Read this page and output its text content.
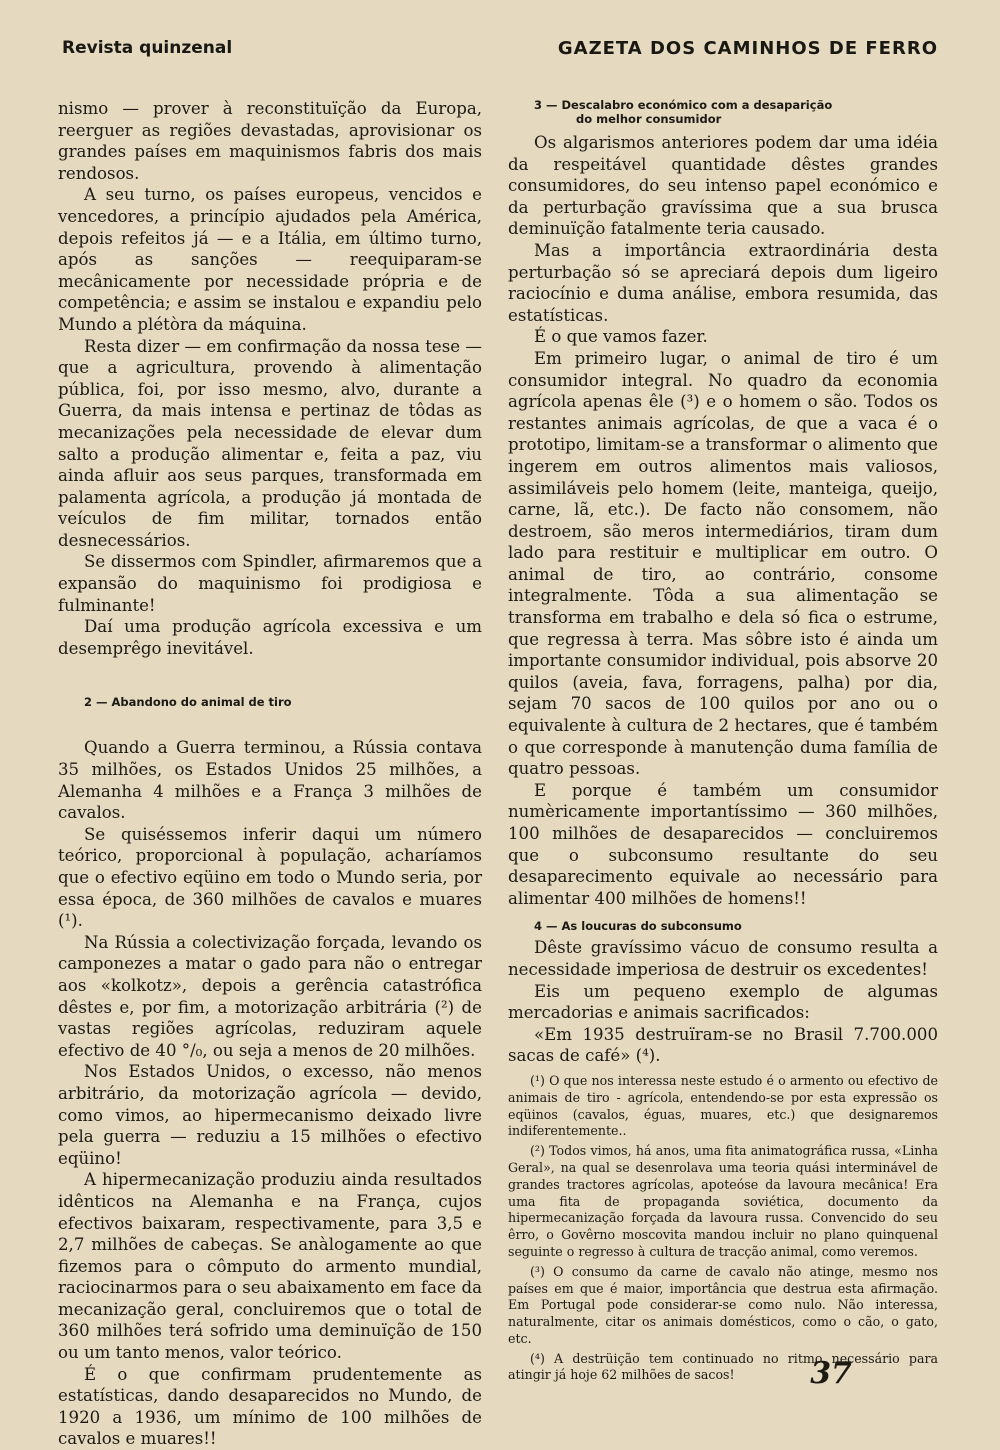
Revista quinzenal	GAZETA DOS CAMINHOS DE FERRO

nismo — prover à reconstituïção da Europa, reerguer as regiões devastadas, aprovisionar os grandes países em maquinismos fabris dos mais rendosos.

A seu turno, os países europeus, vencidos e vencedores, a princípio ajudados pela América, depois refeitos já — e a Itália, em último turno, após as sanções — reequiparam-se mecânicamente por necessidade própria e de competência; e assim se instalou e expandiu pelo Mundo a plétòra da máquina.

Resta dizer — em confirmação da nossa tese — que a agricultura, provendo à alimentação pública, foi, por isso mesmo, alvo, durante a Guerra, da mais intensa e pertinaz de tôdas as mecanizações pela necessidade de elevar dum salto a produção alimentar e, feita a paz, viu ainda afluir aos seus parques, transformada em palamenta agrícola, a produção já montada de veículos de fim militar, tornados então desnecessários.

Se dissermos com Spindler, afirmaremos que a expansão do maquinismo foi prodigiosa e fulminante!

Daí uma produção agrícola excessiva e um desemprêgo inevitável.

2 — Abandono do animal de tiro

Quando a Guerra terminou, a Rússia contava 35 milhões, os Estados Unidos 25 milhões, a Alemanha 4 milhões e a França 3 milhões de cavalos.

Se quiséssemos inferir daqui um número teórico, proporcional à população, acharíamos que o efectivo eqüino em todo o Mundo seria, por essa época, de 360 milhões de cavalos e muares (¹).

Na Rússia a colectivização forçada, levando os camponezes a matar o gado para não o entregar aos «kolkotz», depois a gerência catastrófica dêstes e, por fim, a motorização arbitrária (²) de vastas regiões agrícolas, reduziram aquele efectivo de 40 °/₀, ou seja a menos de 20 milhões.

Nos Estados Unidos, o excesso, não menos arbitrário, da motorização agrícola — devido, como vimos, ao hipermecanismo deixado livre pela guerra — reduziu a 15 milhões o efectivo eqüino!

A hipermecanização produziu ainda resultados idênticos na Alemanha e na França, cujos efectivos baixaram, respectivamente, para 3,5 e 2,7 milhões de cabeças. Se anàlogamente ao que fizemos para o cômputo do armento mundial, raciocinarmos para o seu abaixamento em face da mecanização geral, concluiremos que o total de 360 milhões terá sofrido uma deminuïção de 150 ou um tanto menos, valor teórico.

É o que confirmam prudentemente as estatísticas, dando desaparecidos no Mundo, de 1920 a 1936, um mínimo de 100 milhões de cavalos e muares!!

3 — Descalabro económico com a desaparição
do melhor consumidor

Os algarismos anteriores podem dar uma idéia da respeitável quantidade dêstes grandes consumidores, do seu intenso papel económico e da perturbação gravíssima que a sua brusca deminuïção fatalmente teria causado.

Mas a importância extraordinária desta perturbação só se apreciará depois dum ligeiro raciocínio e duma análise, embora resumida, das estatísticas.

É o que vamos fazer.

Em primeiro lugar, o animal de tiro é um consumidor integral. No quadro da economia agrícola apenas êle (³) e o homem o são. Todos os restantes animais agrícolas, de que a vaca é o prototipo, limitam-se a transformar o alimento que ingerem em outros alimentos mais valiosos, assimiláveis pelo homem (leite, manteiga, queijo, carne, lã, etc.). De facto não consomem, não destroem, são meros intermediários, tiram dum lado para restituir e multiplicar em outro. O animal de tiro, ao contrário, consome integralmente. Tôda a sua alimentação se transforma em trabalho e dela só fica o estrume, que regressa à terra. Mas sôbre isto é ainda um importante consumidor individual, pois absorve 20 quilos (aveia, fava, forragens, palha) por dia, sejam 70 sacos de 100 quilos por ano ou o equivalente à cultura de 2 hectares, que é também o que corresponde à manutenção duma família de quatro pessoas.

E porque é também um consumidor numèricamente importantíssimo — 360 milhões, 100 milhões de desaparecidos — concluiremos que o subconsumo resultante do seu desaparecimento equivale ao necessário para alimentar 400 milhões de homens!!

4 — As loucuras do subconsumo

Dêste gravíssimo vácuo de consumo resulta a necessidade imperiosa de destruir os excedentes!

Eis um pequeno exemplo de algumas mercadorias e animais sacrificados:

«Em 1935 destruïram-se no Brasil 7.700.000 sacas de café» (⁴).

(¹) O que nos interessa neste estudo é o armento ou efectivo de animais de tiro - agrícola, entendendo-se por esta expressão os eqüinos (cavalos, éguas, muares, etc.) que designaremos indiferentemente..

(²) Todos vimos, há anos, uma fita animatográfica russa, «Linha Geral», na qual se desenrolava uma teoria quási interminável de grandes tractores agrícolas, apoteóse da lavoura mecânica! Era uma fita de propaganda soviética, documento da hipermecanização forçada da lavoura russa. Convencido do seu êrro, o Govêrno moscovita mandou incluir no plano quinquenal seguinte o regresso à cultura de tracção animal, como veremos.

(³) O consumo da carne de cavalo não atinge, mesmo nos países em que é maior, importância que destrua esta afirmação. Em Portugal pode considerar-se como nulo. Não interessa, naturalmente, citar os animais domésticos, como o cão, o gato, etc.

(⁴) A destrüição tem continuado no ritmo necessário para atingir já hoje 62 milhões de sacos!	37
